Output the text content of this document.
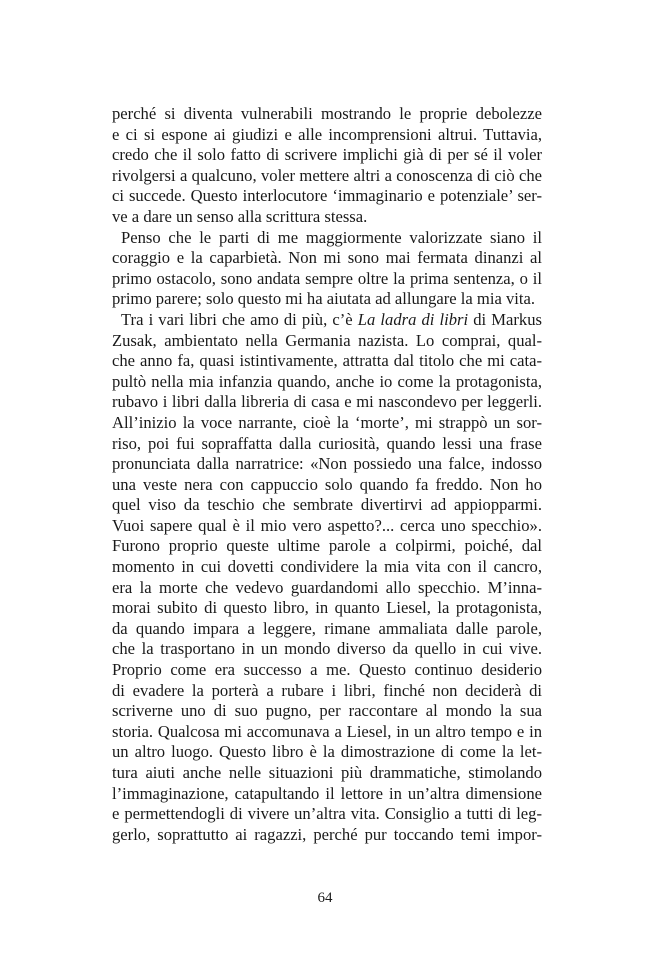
perché si diventa vulnerabili mostrando le proprie debolezze
e ci si espone ai giudizi e alle incomprensioni altrui. Tuttavia,
credo che il solo fatto di scrivere implichi già di per sé il voler
rivolgersi a qualcuno, voler mettere altri a conoscenza di ciò che
ci succede. Questo interlocutore ‘immaginario e potenziale’ ser-
ve a dare un senso alla scrittura stessa.
Penso che le parti di me maggiormente valorizzate siano il
coraggio e la caparbietà. Non mi sono mai fermata dinanzi al
primo ostacolo, sono andata sempre oltre la prima sentenza, o il
primo parere; solo questo mi ha aiutata ad allungare la mia vita.
Tra i vari libri che amo di più, c’è La ladra di libri di Markus
Zusak, ambientato nella Germania nazista. Lo comprai, qual-
che anno fa, quasi istintivamente, attratta dal titolo che mi cata-
pultò nella mia infanzia quando, anche io come la protagonista,
rubavo i libri dalla libreria di casa e mi nascondevo per leggerli.
All’inizio la voce narrante, cioè la ‘morte’, mi strappò un sor-
riso, poi fui sopraffatta dalla curiosità, quando lessi una frase
pronunciata dalla narratrice: «Non possiedo una falce, indosso
una veste nera con cappuccio solo quando fa freddo. Non ho
quel viso da teschio che sembrate divertirvi ad appiopparmi.
Vuoi sapere qual è il mio vero aspetto?... cerca uno specchio».
Furono proprio queste ultime parole a colpirmi, poiché, dal
momento in cui dovetti condividere la mia vita con il cancro,
era la morte che vedevo guardandomi allo specchio. M’inna-
morai subito di questo libro, in quanto Liesel, la protagonista,
da quando impara a leggere, rimane ammaliata dalle parole,
che la trasportano in un mondo diverso da quello in cui vive.
Proprio come era successo a me. Questo continuo desiderio
di evadere la porterà a rubare i libri, finché non deciderà di
scriverne uno di suo pugno, per raccontare al mondo la sua
storia. Qualcosa mi accomunava a Liesel, in un altro tempo e in
un altro luogo. Questo libro è la dimostrazione di come la let-
tura aiuti anche nelle situazioni più drammatiche, stimolando
l’immaginazione, catapultando il lettore in un’altra dimensione
e permettendogli di vivere un’altra vita. Consiglio a tutti di leg-
gerlo, soprattutto ai ragazzi, perché pur toccando temi impor-
64
